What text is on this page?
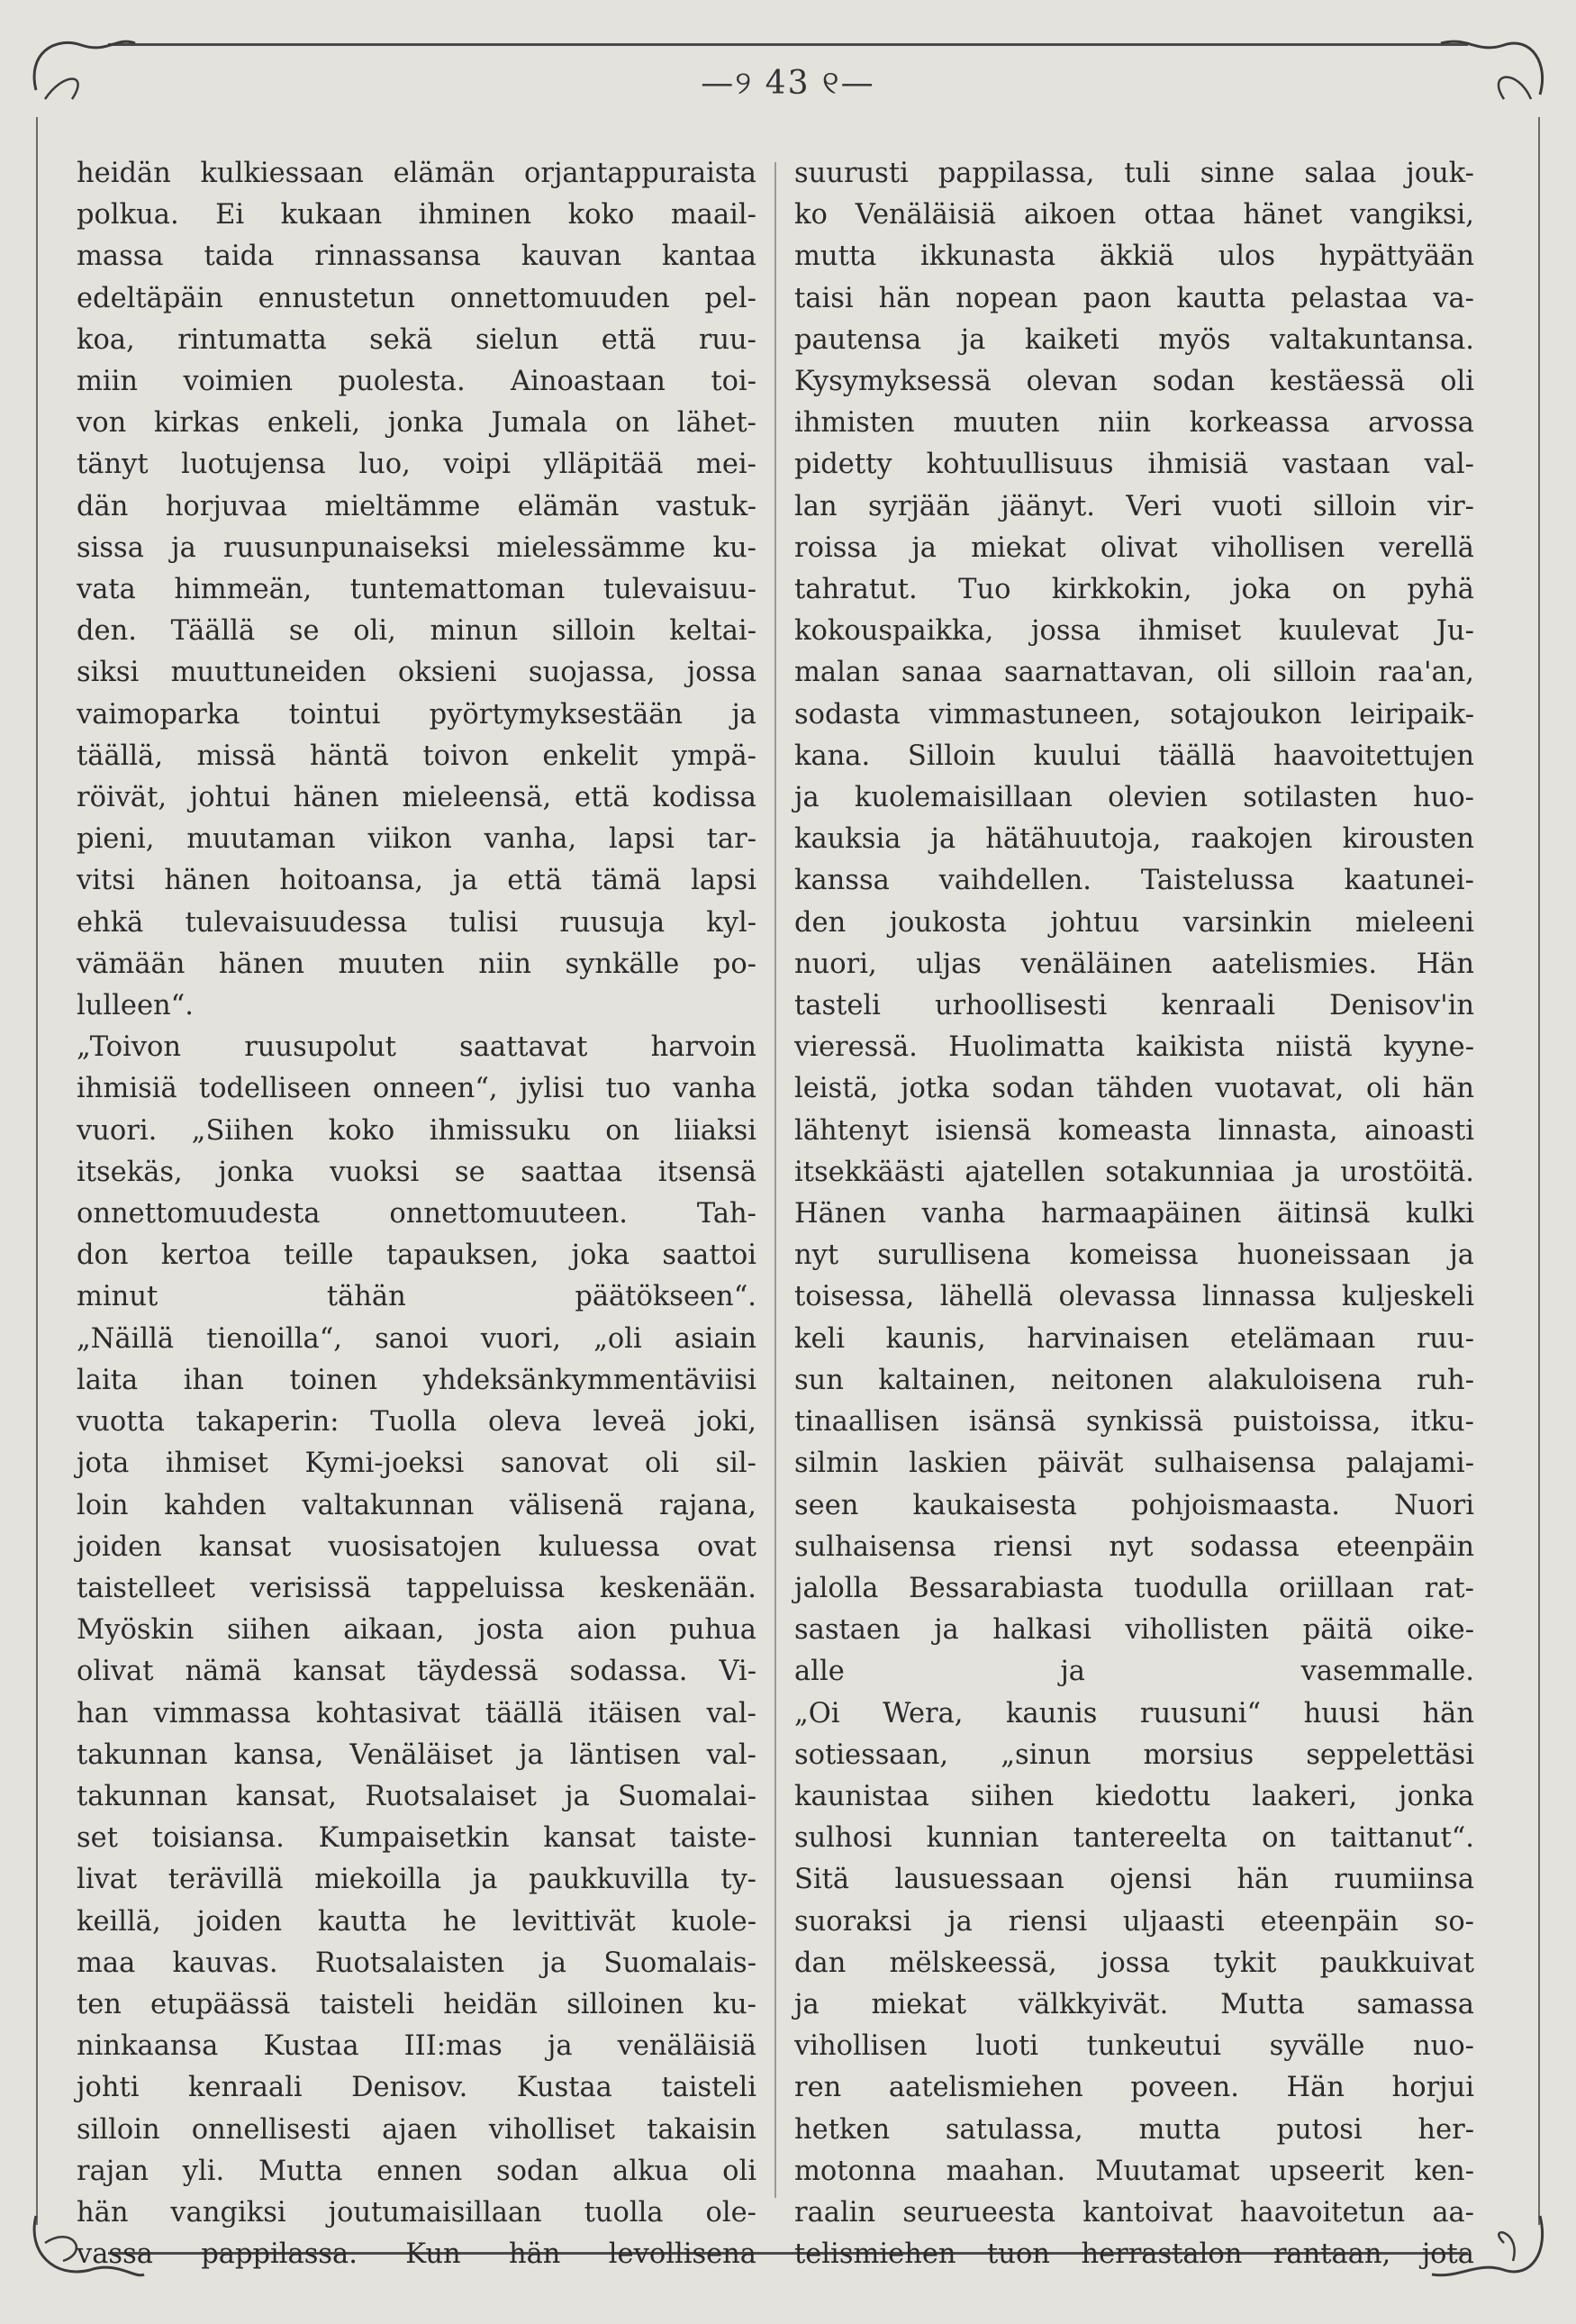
—୨ 43 ୧—
heidän kulkiessaan elämän orjantappuraista
polkua. Ei kukaan ihminen koko maail-
massa taida rinnassansa kauvan kantaa
edeltäpäin ennustetun onnettomuuden pel-
koa, rintumatta sekä sielun että ruu-
miin voimien puolesta. Ainoastaan toi-
von kirkas enkeli, jonka Jumala on lähet-
tänyt luotujensa luo, voipi ylläpitää mei-
dän horjuvaa mieltämme elämän vastuk-
sissa ja ruusunpunaiseksi mielessämme ku-
vata himmeän, tuntemattoman tulevaisuu-
den. Täällä se oli, minun silloin keltai-
siksi muuttuneiden oksieni suojassa, jossa
vaimoparka tointui pyörtymyksestään ja
täällä, missä häntä toivon enkelit ympä-
röivät, johtui hänen mieleensä, että kodissa
pieni, muutaman viikon vanha, lapsi tar-
vitsi hänen hoitoansa, ja että tämä lapsi
ehkä tulevaisuudessa tulisi ruusuja kyl-
vämään hänen muuten niin synkälle po-
lulleen“.
„Toivon ruusupolut saattavat harvoin
ihmisiä todelliseen onneen“, jylisi tuo vanha
vuori. „Siihen koko ihmissuku on liiaksi
itsekäs, jonka vuoksi se saattaa itsensä
onnettomuudesta onnettomuuteen. Tah-
don kertoa teille tapauksen, joka saattoi
minut tähän päätökseen“.
„Näillä tienoilla“, sanoi vuori, „oli asiain
laita ihan toinen yhdeksänkymmentäviisi
vuotta takaperin: Tuolla oleva leveä joki,
jota ihmiset Kymi-joeksi sanovat oli sil-
loin kahden valtakunnan välisenä rajana,
joiden kansat vuosisatojen kuluessa ovat
taistelleet verisissä tappeluissa keskenään.
Myöskin siihen aikaan, josta aion puhua
olivat nämä kansat täydessä sodassa. Vi-
han vimmassa kohtasivat täällä itäisen val-
takunnan kansa, Venäläiset ja läntisen val-
takunnan kansat, Ruotsalaiset ja Suomalai-
set toisiansa. Kumpaisetkin kansat taiste-
livat terävillä miekoilla ja paukkuvilla ty-
keillä, joiden kautta he levittivät kuole-
maa kauvas. Ruotsalaisten ja Suomalais-
ten etupäässä taisteli heidän silloinen ku-
ninkaansa Kustaa III:mas ja venäläisiä
johti kenraali Denisov. Kustaa taisteli
silloin onnellisesti ajaen viholliset takaisin
rajan yli. Mutta ennen sodan alkua oli
hän vangiksi joutumaisillaan tuolla ole-
vassa pappilassa. Kun hän levollisena
suurusti pappilassa, tuli sinne salaa jouk-
ko Venäläisiä aikoen ottaa hänet vangiksi,
mutta ikkunasta äkkiä ulos hypättyään
taisi hän nopean paon kautta pelastaa va-
pautensa ja kaiketi myös valtakuntansa.
Kysymyksessä olevan sodan kestäessä oli
ihmisten muuten niin korkeassa arvossa
pidetty kohtuullisuus ihmisiä vastaan val-
lan syrjään jäänyt. Veri vuoti silloin vir-
roissa ja miekat olivat vihollisen verellä
tahratut. Tuo kirkkokin, joka on pyhä
kokouspaikka, jossa ihmiset kuulevat Ju-
malan sanaa saarnattavan, oli silloin raa'an,
sodasta vimmastuneen, sotajoukon leiripaik-
kana. Silloin kuului täällä haavoitettujen
ja kuolemaisillaan olevien sotilasten huo-
kauksia ja hätähuutoja, raakojen kirousten
kanssa vaihdellen. Taistelussa kaatunei-
den joukosta johtuu varsinkin mieleeni
nuori, uljas venäläinen aatelismies. Hän
tasteli urhoollisesti kenraali Denisov'in
vieressä. Huolimatta kaikista niistä kyyne-
leistä, jotka sodan tähden vuotavat, oli hän
lähtenyt isiensä komeasta linnasta, ainoasti
itsekkäästi ajatellen sotakunniaa ja urostöitä.
Hänen vanha harmaapäinen äitinsä kulki
nyt surullisena komeissa huoneissaan ja
toisessa, lähellä olevassa linnassa kuljeskeli
keli kaunis, harvinaisen etelämaan ruu-
sun kaltainen, neitonen alakuloisena ruh-
tinaallisen isänsä synkissä puistoissa, itku-
silmin laskien päivät sulhaisensa palajami-
seen kaukaisesta pohjoismaasta. Nuori
sulhaisensa riensi nyt sodassa eteenpäin
jalolla Bessarabiasta tuodulla oriillaan rat-
sastaen ja halkasi vihollisten päitä oike-
alle ja vasemmalle.
„Oi Wera, kaunis ruusuni“ huusi hän
sotiessaan, „sinun morsius seppelettäsi
kaunistaa siihen kiedottu laakeri, jonka
sulhosi kunnian tantereelta on taittanut“.
Sitä lausuessaan ojensi hän ruumiinsa
suoraksi ja riensi uljaasti eteenpäin so-
dan mëlskeessä, jossa tykit paukkuivat
ja miekat välkkyivät. Mutta samassa
vihollisen luoti tunkeutui syvälle nuo-
ren aatelismiehen poveen. Hän horjui
hetken satulassa, mutta putosi her-
motonna maahan. Muutamat upseerit ken-
raalin seurueesta kantoivat haavoitetun aa-
telismiehen tuon herrastalon rantaan, jota
